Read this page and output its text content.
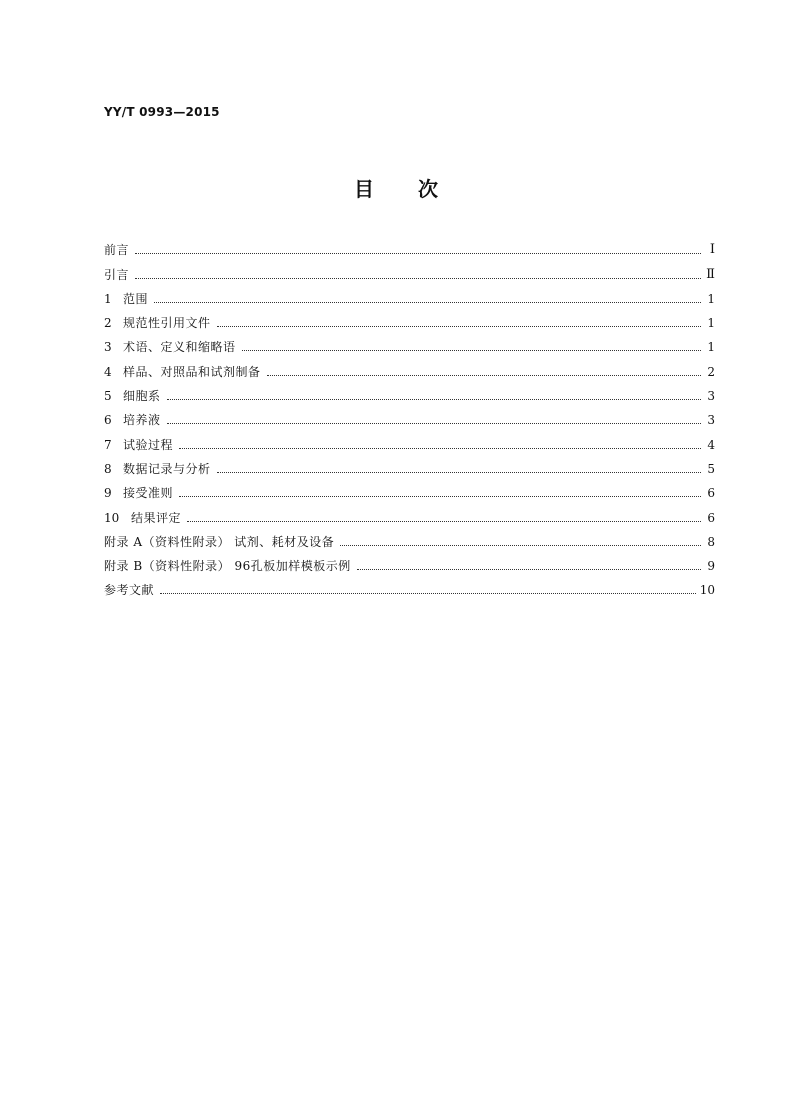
YY/T 0993—2015
目 次
前言	Ⅰ
引言	Ⅱ
1 范围	1
2 规范性引用文件	1
3 术语、定义和缩略语	1
4 样品、对照品和试剂制备	2
5 细胞系	3
6 培养液	3
7 试验过程	4
8 数据记录与分析	5
9 接受准则	6
10 结果评定	6
附录 A（资料性附录） 试剂、耗材及设备	8
附录 B（资料性附录） 96孔板加样模板示例	9
参考文献	10
